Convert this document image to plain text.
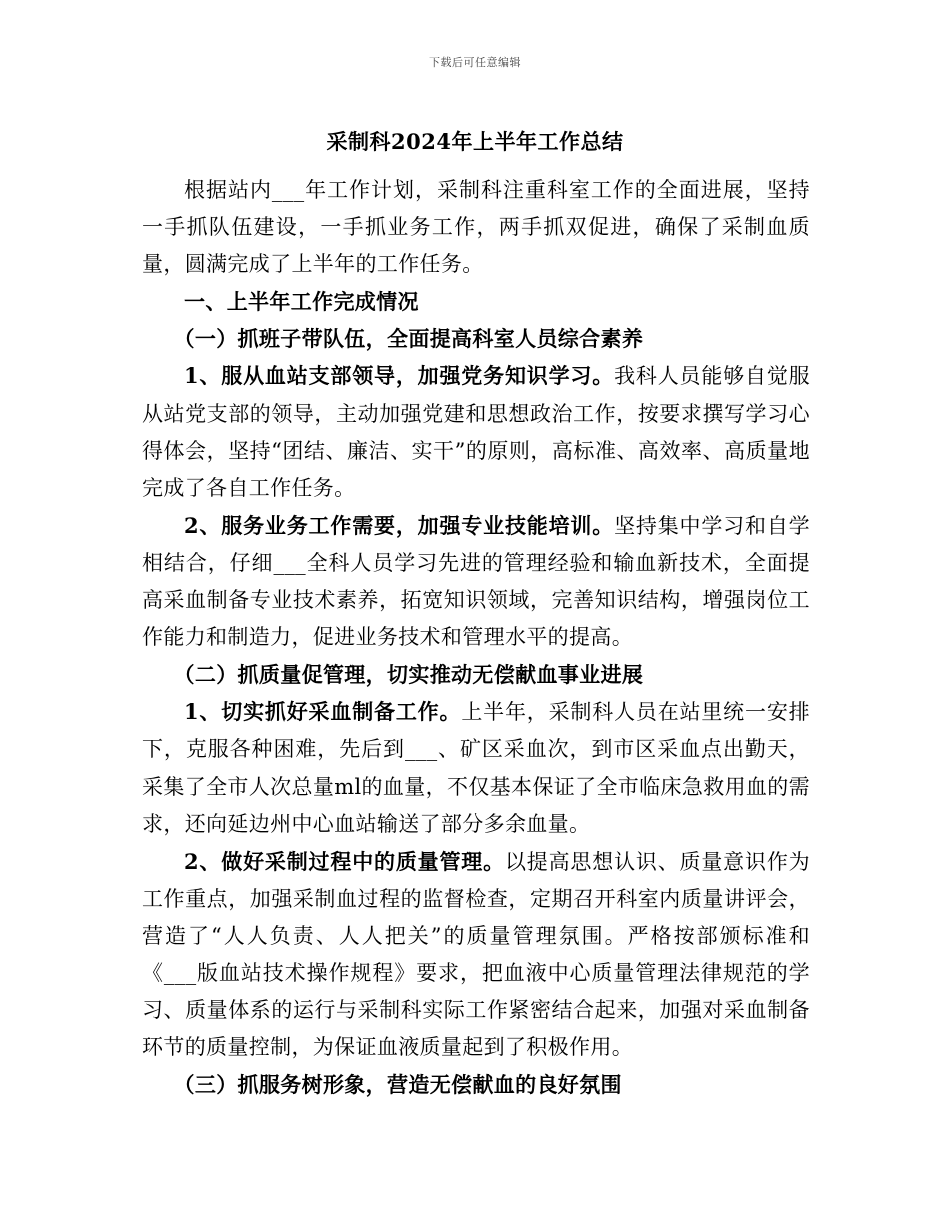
下载后可任意编辑
采制科2024年上半年工作总结

根据站内___年工作计划，采制科注重科室工作的全面进展，坚持一手抓队伍建设，一手抓业务工作，两手抓双促进，确保了采制血质量，圆满完成了上半年的工作任务。

一、上半年工作完成情况

（一）抓班子带队伍，全面提高科室人员综合素养

1、服从血站支部领导，加强党务知识学习。我科人员能够自觉服从站党支部的领导，主动加强党建和思想政治工作，按要求撰写学习心得体会，坚持“团结、廉洁、实干”的原则，高标准、高效率、高质量地完成了各自工作任务。

2、服务业务工作需要，加强专业技能培训。坚持集中学习和自学相结合，仔细___全科人员学习先进的管理经验和输血新技术，全面提高采血制备专业技术素养，拓宽知识领域，完善知识结构，增强岗位工作能力和制造力，促进业务技术和管理水平的提高。

（二）抓质量促管理，切实推动无偿献血事业进展

1、切实抓好采血制备工作。上半年，采制科人员在站里统一安排下，克服各种困难，先后到___、矿区采血次，到市区采血点出勤天，采集了全市人次总量ml的血量，不仅基本保证了全市临床急救用血的需求，还向延边州中心血站输送了部分多余血量。

2、做好采制过程中的质量管理。以提高思想认识、质量意识作为工作重点，加强采制血过程的监督检查，定期召开科室内质量讲评会，营造了“人人负责、人人把关”的质量管理氛围。严格按部颁标准和《___版血站技术操作规程》要求，把血液中心质量管理法律规范的学习、质量体系的运行与采制科实际工作紧密结合起来，加强对采血制备环节的质量控制，为保证血液质量起到了积极作用。

（三）抓服务树形象，营造无偿献血的良好氛围
